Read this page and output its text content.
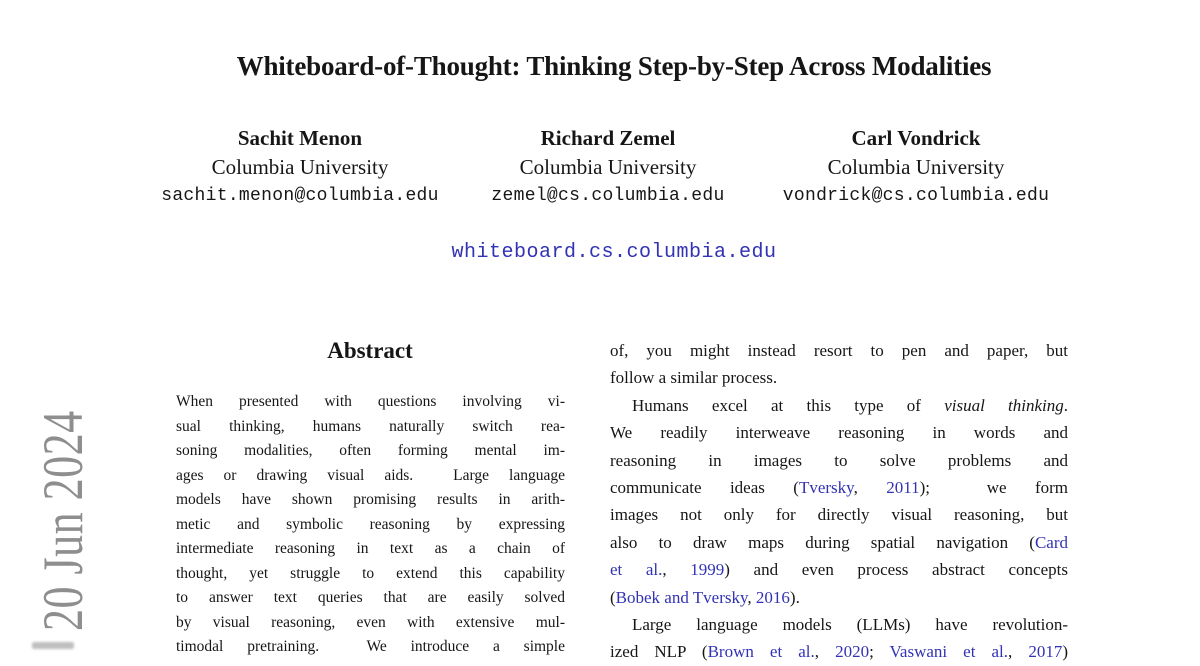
20 Jun 2024
Whiteboard-of-Thought: Thinking Step-by-Step Across Modalities
Sachit Menon
Columbia University
sachit.menon@columbia.edu
Richard Zemel
Columbia University
zemel@cs.columbia.edu
Carl Vondrick
Columbia University
vondrick@cs.columbia.edu
whiteboard.cs.columbia.edu
Abstract
When presented with questions involving vi-
sual thinking, humans naturally switch rea-
soning modalities, often forming mental im-
ages or drawing visual aids.  Large language
models have shown promising results in arith-
metic and symbolic reasoning by expressing
intermediate reasoning in text as a chain of
thought, yet struggle to extend this capability
to answer text queries that are easily solved
by visual reasoning, even with extensive mul-
timodal pretraining.  We introduce a simple
of, you might instead resort to pen and paper, but
follow a similar process.
Humans excel at this type of visual thinking.
We readily interweave reasoning in words and
reasoning in images to solve problems and
communicate ideas (Tversky, 2011);  we form
images not only for directly visual reasoning, but
also to draw maps during spatial navigation (Card
et al., 1999) and even process abstract concepts
(Bobek and Tversky, 2016).
Large language models (LLMs) have revolution-
ized NLP (Brown et al., 2020; Vaswani et al., 2017)
